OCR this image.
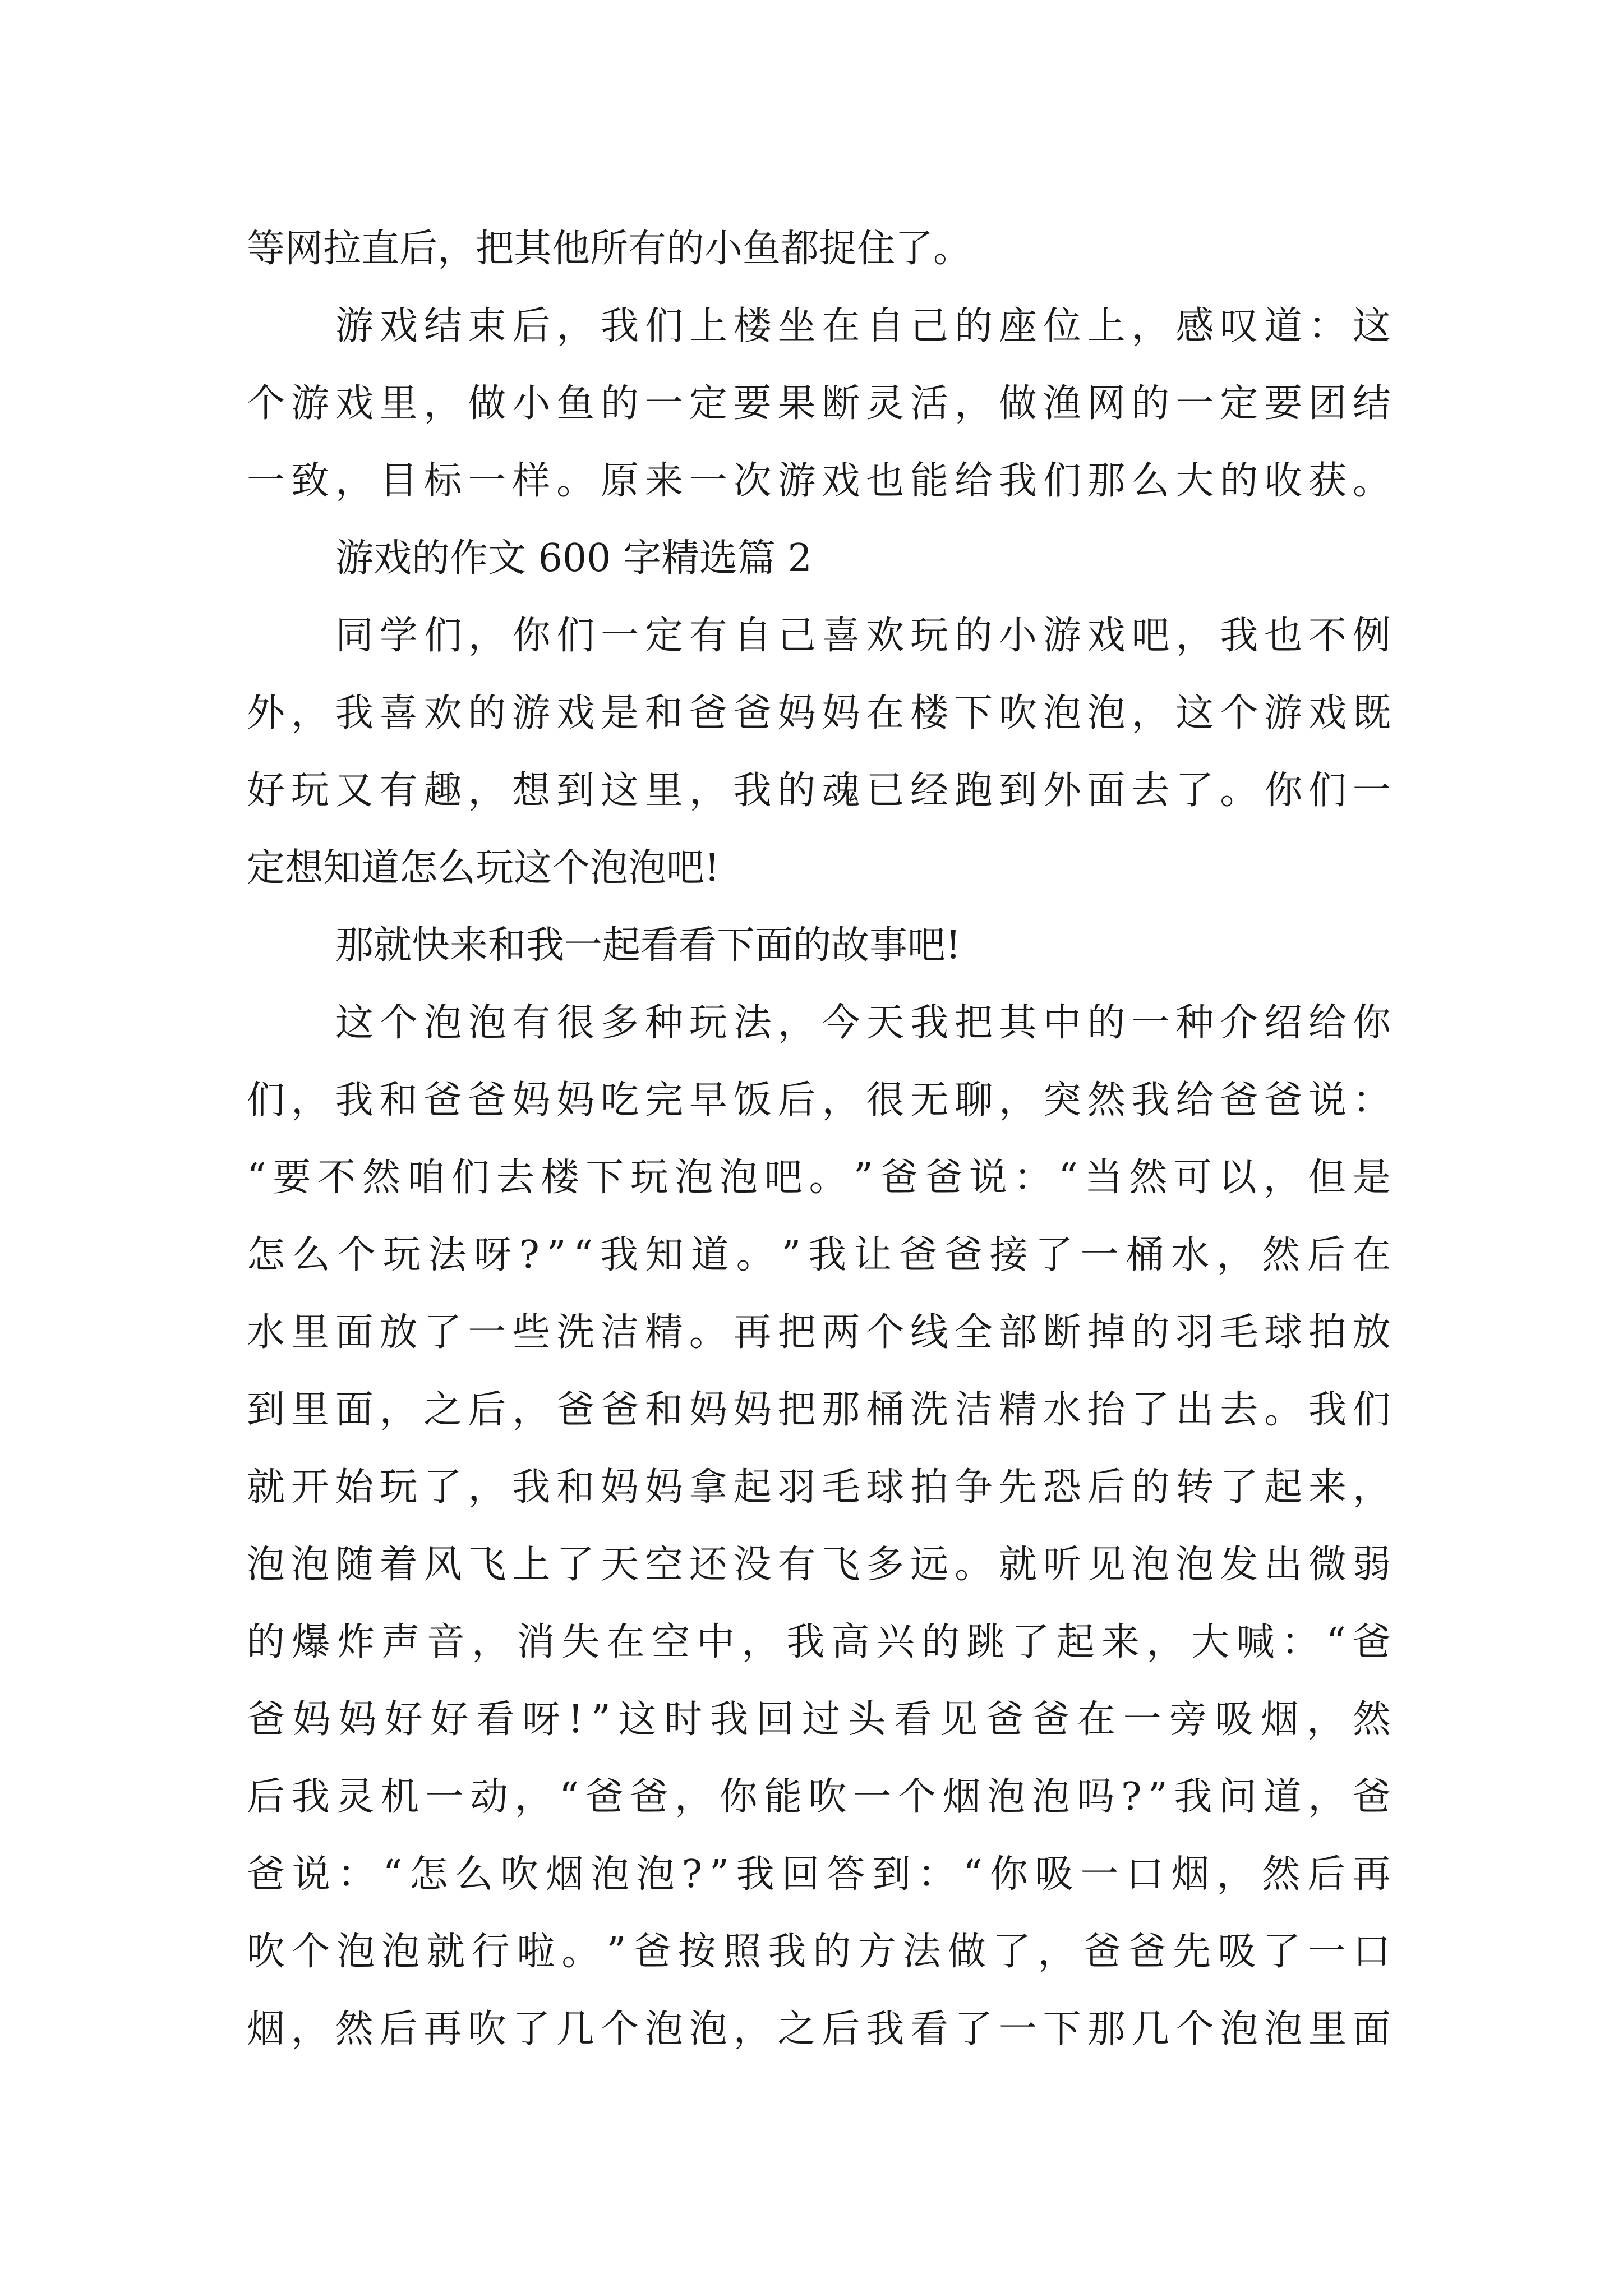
等网拉直后，把其他所有的小鱼都捉住了。
游 戏 结 束 后 ， 我 们 上 楼 坐 在 自 己 的 座 位 上 ， 感 叹 道 ： 这
个 游 戏 里 ， 做 小 鱼 的 一 定 要 果 断 灵 活 ， 做 渔 网 的 一 定 要 团 结
一 致 ， 目 标 一 样 。 原 来 一 次 游 戏 也 能 给 我 们 那 么 大 的 收 获 。
游戏的作文 600 字精选篇 2
同 学 们 ， 你 们 一 定 有 自 己 喜 欢 玩 的 小 游 戏 吧 ， 我 也 不 例
外 ， 我 喜 欢 的 游 戏 是 和 爸 爸 妈 妈 在 楼 下 吹 泡 泡 ， 这 个 游 戏 既
好 玩 又 有 趣 ， 想 到 这 里 ， 我 的 魂 已 经 跑 到 外 面 去 了 。 你 们 一
定想知道怎么玩这个泡泡吧!
那就快来和我一起看看下面的故事吧!
这 个 泡 泡 有 很 多 种 玩 法 ， 今 天 我 把 其 中 的 一 种 介 绍 给 你
们 ， 我 和 爸 爸 妈 妈 吃 完 早 饭 后 ， 很 无 聊 ， 突 然 我 给 爸 爸 说 ：
“ 要 不 然 咱 们 去 楼 下 玩 泡 泡 吧 。 ” 爸 爸 说 ： “ 当 然 可 以 ， 但 是
怎 么 个 玩 法 呀 ? ” “ 我 知 道 。 ” 我 让 爸 爸 接 了 一 桶 水 ， 然 后 在
水 里 面 放 了 一 些 洗 洁 精 。 再 把 两 个 线 全 部 断 掉 的 羽 毛 球 拍 放
到 里 面 ， 之 后 ， 爸 爸 和 妈 妈 把 那 桶 洗 洁 精 水 抬 了 出 去 。 我 们
就 开 始 玩 了 ， 我 和 妈 妈 拿 起 羽 毛 球 拍 争 先 恐 后 的 转 了 起 来 ，
泡 泡 随 着 风 飞 上 了 天 空 还 没 有 飞 多 远 。 就 听 见 泡 泡 发 出 微 弱
的 爆 炸 声 音 ， 消 失 在 空 中 ， 我 高 兴 的 跳 了 起 来 ， 大 喊 ： “ 爸
爸 妈 妈 好 好 看 呀 ! ” 这 时 我 回 过 头 看 见 爸 爸 在 一 旁 吸 烟 ， 然
后 我 灵 机 一 动 ， “ 爸 爸 ， 你 能 吹 一 个 烟 泡 泡 吗 ? ” 我 问 道 ， 爸
爸 说 ： “ 怎 么 吹 烟 泡 泡 ? ” 我 回 答 到 ： “ 你 吸 一 口 烟 ， 然 后 再
吹 个 泡 泡 就 行 啦 。 ” 爸 按 照 我 的 方 法 做 了 ， 爸 爸 先 吸 了 一 口
烟 ， 然 后 再 吹 了 几 个 泡 泡 ， 之 后 我 看 了 一 下 那 几 个 泡 泡 里 面
